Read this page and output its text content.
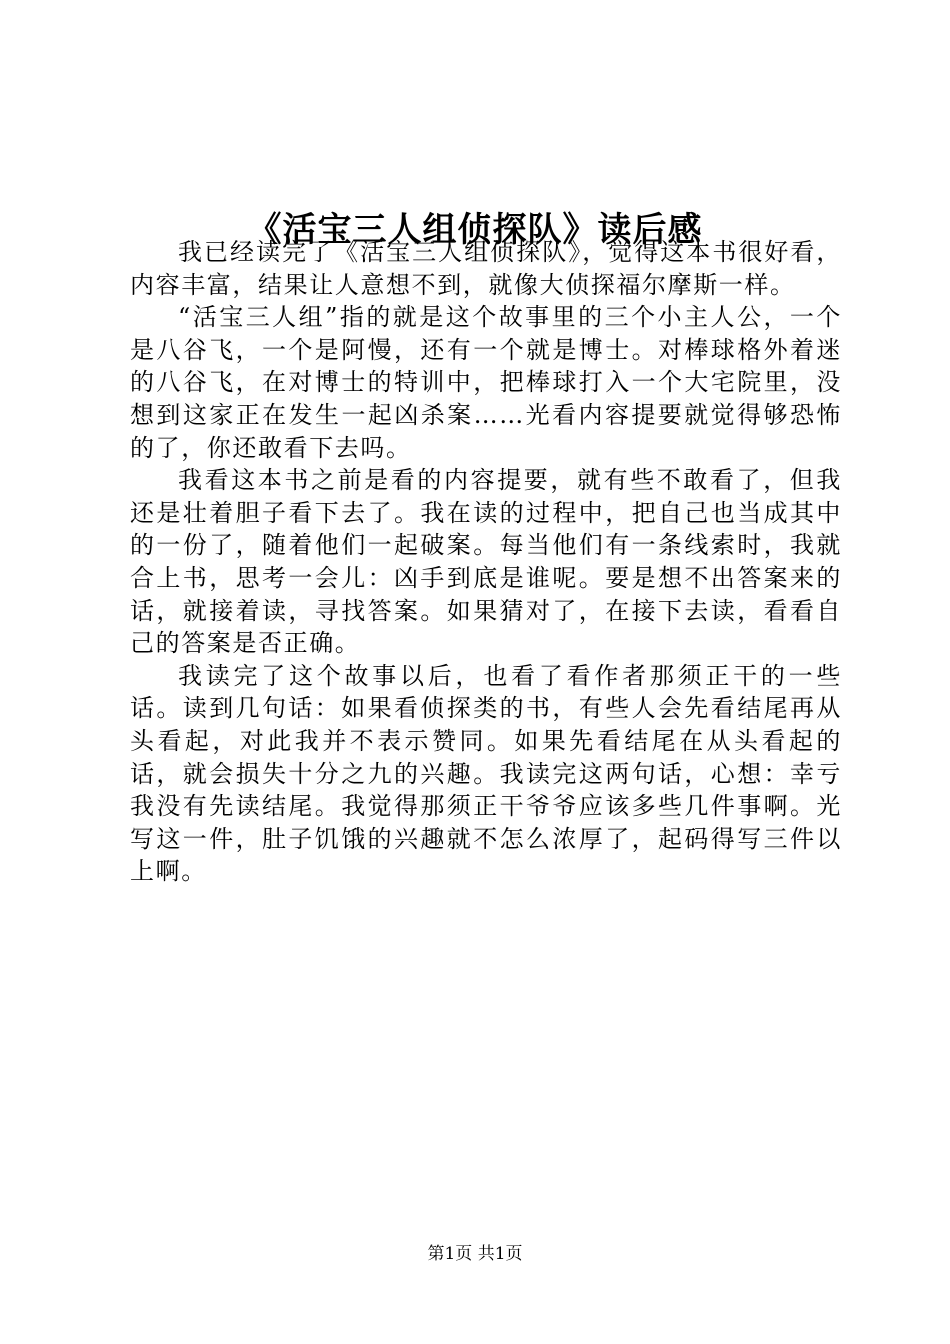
《活宝三人组侦探队》读后感

我已经读完了《活宝三人组侦探队》，觉得这本书很好看，内容丰富，结果让人意想不到，就像大侦探福尔摩斯一样。

“活宝三人组”指的就是这个故事里的三个小主人公，一个是八谷飞，一个是阿慢，还有一个就是博士。对棒球格外着迷的八谷飞，在对博士的特训中，把棒球打入一个大宅院里，没想到这家正在发生一起凶杀案……光看内容提要就觉得够恐怖的了，你还敢看下去吗。

我看这本书之前是看的内容提要，就有些不敢看了，但我还是壮着胆子看下去了。我在读的过程中，把自己也当成其中的一份了，随着他们一起破案。每当他们有一条线索时，我就合上书，思考一会儿：凶手到底是谁呢。要是想不出答案来的话，就接着读，寻找答案。如果猜对了，在接下去读，看看自己的答案是否正确。

我读完了这个故事以后，也看了看作者那须正干的一些话。读到几句话：如果看侦探类的书，有些人会先看结尾再从头看起，对此我并不表示赞同。如果先看结尾在从头看起的话，就会损失十分之九的兴趣。我读完这两句话，心想：幸亏我没有先读结尾。我觉得那须正干爷爷应该多些几件事啊。光写这一件，肚子饥饿的兴趣就不怎么浓厚了，起码得写三件以上啊。

第1页 共1页
